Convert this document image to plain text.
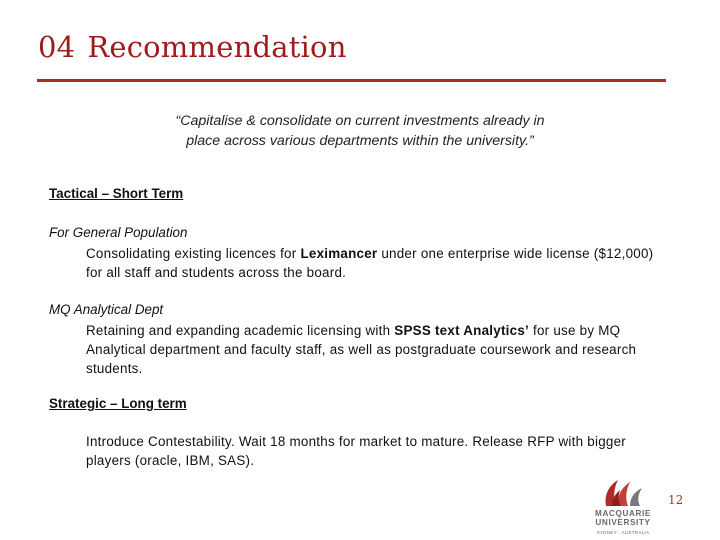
04 Recommendation
“Capitalise & consolidate on current investments already in
place across various departments within the university.”
Tactical – Short Term
For General Population
Consolidating existing licences for Leximancer under one enterprise wide license ($12,000)
for all staff and students across the board.
MQ Analytical Dept
Retaining and expanding academic licensing with SPSS text Analytics’ for use by MQ
Analytical department and faculty staff, as well as postgraduate coursework and research
students.
Strategic – Long term
Introduce Contestability. Wait 18 months for market to mature. Release RFP with bigger
players (oracle, IBM, SAS).
MACQUARIE
UNIVERSITY
SYDNEY · AUSTRALIA
12
